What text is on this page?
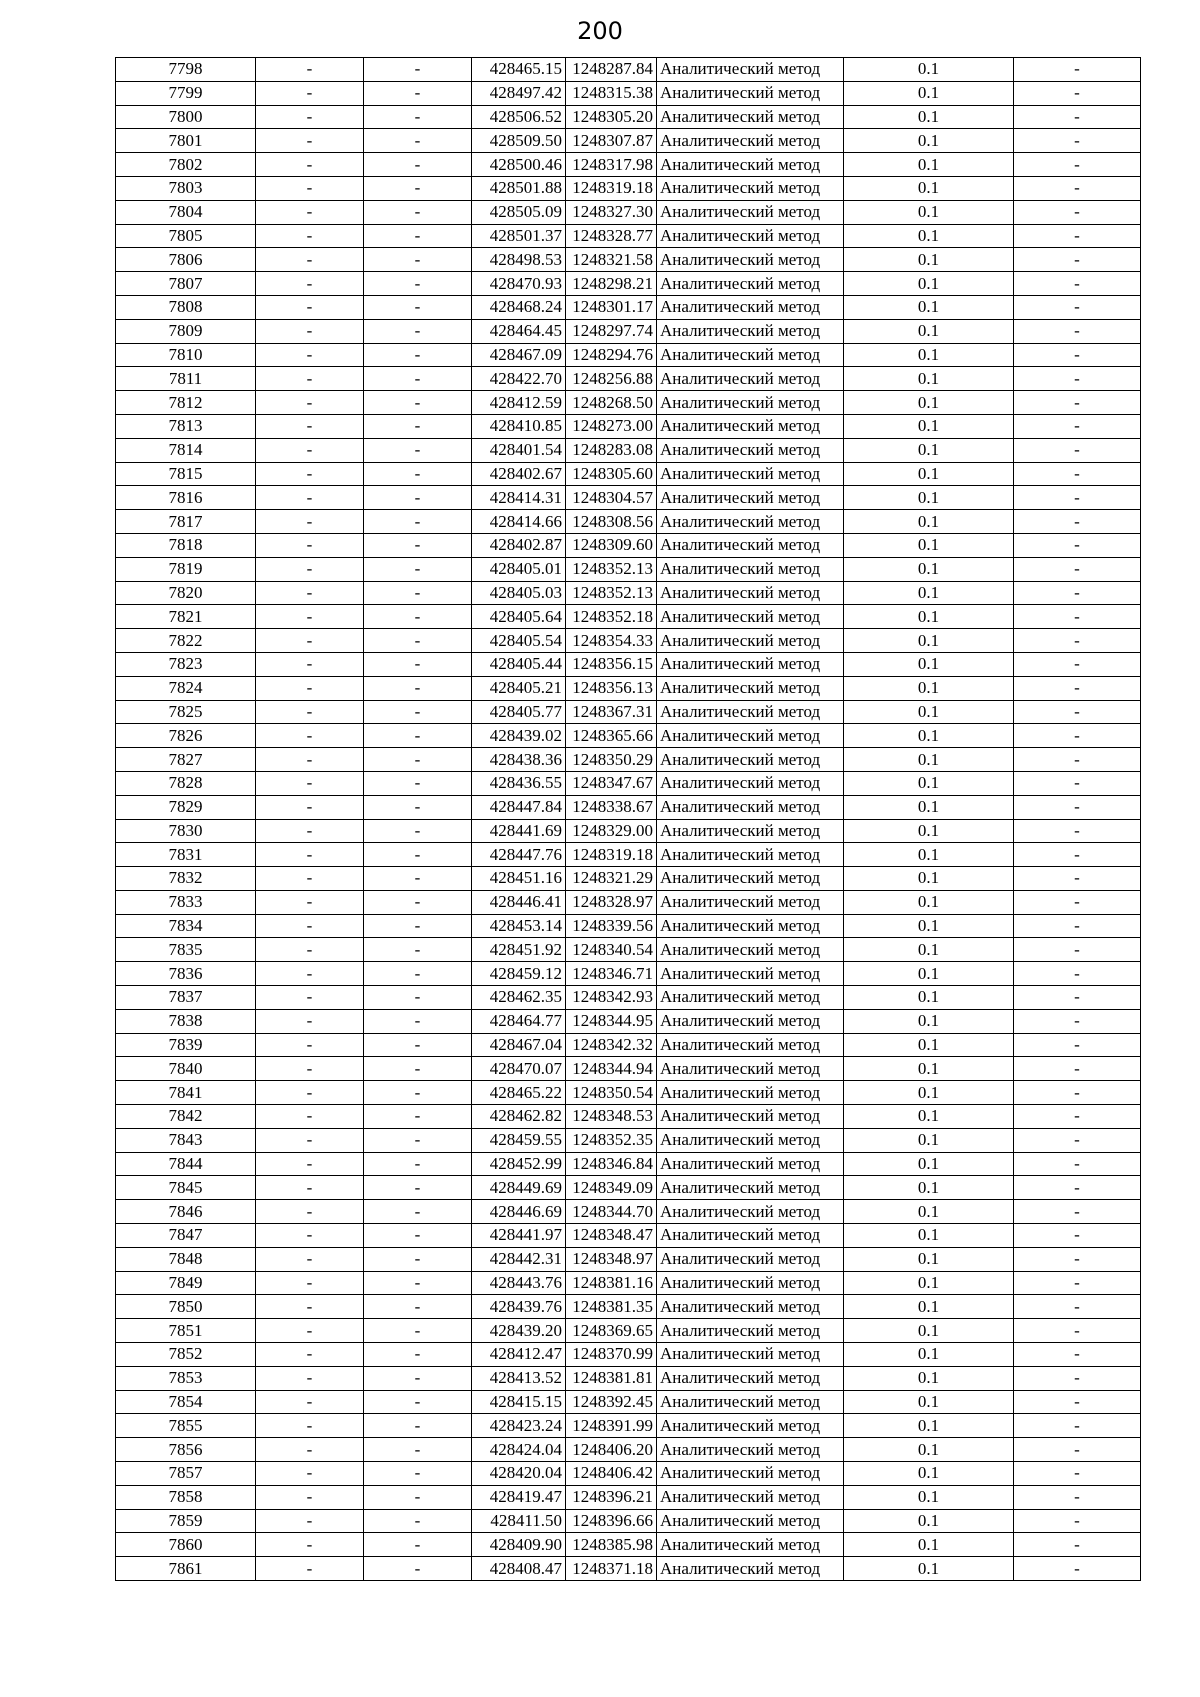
200
7798	-	-	428465.15	1248287.84	Аналитический метод	0.1	-
7799	-	-	428497.42	1248315.38	Аналитический метод	0.1	-
7800	-	-	428506.52	1248305.20	Аналитический метод	0.1	-
7801	-	-	428509.50	1248307.87	Аналитический метод	0.1	-
7802	-	-	428500.46	1248317.98	Аналитический метод	0.1	-
7803	-	-	428501.88	1248319.18	Аналитический метод	0.1	-
7804	-	-	428505.09	1248327.30	Аналитический метод	0.1	-
7805	-	-	428501.37	1248328.77	Аналитический метод	0.1	-
7806	-	-	428498.53	1248321.58	Аналитический метод	0.1	-
7807	-	-	428470.93	1248298.21	Аналитический метод	0.1	-
7808	-	-	428468.24	1248301.17	Аналитический метод	0.1	-
7809	-	-	428464.45	1248297.74	Аналитический метод	0.1	-
7810	-	-	428467.09	1248294.76	Аналитический метод	0.1	-
7811	-	-	428422.70	1248256.88	Аналитический метод	0.1	-
7812	-	-	428412.59	1248268.50	Аналитический метод	0.1	-
7813	-	-	428410.85	1248273.00	Аналитический метод	0.1	-
7814	-	-	428401.54	1248283.08	Аналитический метод	0.1	-
7815	-	-	428402.67	1248305.60	Аналитический метод	0.1	-
7816	-	-	428414.31	1248304.57	Аналитический метод	0.1	-
7817	-	-	428414.66	1248308.56	Аналитический метод	0.1	-
7818	-	-	428402.87	1248309.60	Аналитический метод	0.1	-
7819	-	-	428405.01	1248352.13	Аналитический метод	0.1	-
7820	-	-	428405.03	1248352.13	Аналитический метод	0.1	-
7821	-	-	428405.64	1248352.18	Аналитический метод	0.1	-
7822	-	-	428405.54	1248354.33	Аналитический метод	0.1	-
7823	-	-	428405.44	1248356.15	Аналитический метод	0.1	-
7824	-	-	428405.21	1248356.13	Аналитический метод	0.1	-
7825	-	-	428405.77	1248367.31	Аналитический метод	0.1	-
7826	-	-	428439.02	1248365.66	Аналитический метод	0.1	-
7827	-	-	428438.36	1248350.29	Аналитический метод	0.1	-
7828	-	-	428436.55	1248347.67	Аналитический метод	0.1	-
7829	-	-	428447.84	1248338.67	Аналитический метод	0.1	-
7830	-	-	428441.69	1248329.00	Аналитический метод	0.1	-
7831	-	-	428447.76	1248319.18	Аналитический метод	0.1	-
7832	-	-	428451.16	1248321.29	Аналитический метод	0.1	-
7833	-	-	428446.41	1248328.97	Аналитический метод	0.1	-
7834	-	-	428453.14	1248339.56	Аналитический метод	0.1	-
7835	-	-	428451.92	1248340.54	Аналитический метод	0.1	-
7836	-	-	428459.12	1248346.71	Аналитический метод	0.1	-
7837	-	-	428462.35	1248342.93	Аналитический метод	0.1	-
7838	-	-	428464.77	1248344.95	Аналитический метод	0.1	-
7839	-	-	428467.04	1248342.32	Аналитический метод	0.1	-
7840	-	-	428470.07	1248344.94	Аналитический метод	0.1	-
7841	-	-	428465.22	1248350.54	Аналитический метод	0.1	-
7842	-	-	428462.82	1248348.53	Аналитический метод	0.1	-
7843	-	-	428459.55	1248352.35	Аналитический метод	0.1	-
7844	-	-	428452.99	1248346.84	Аналитический метод	0.1	-
7845	-	-	428449.69	1248349.09	Аналитический метод	0.1	-
7846	-	-	428446.69	1248344.70	Аналитический метод	0.1	-
7847	-	-	428441.97	1248348.47	Аналитический метод	0.1	-
7848	-	-	428442.31	1248348.97	Аналитический метод	0.1	-
7849	-	-	428443.76	1248381.16	Аналитический метод	0.1	-
7850	-	-	428439.76	1248381.35	Аналитический метод	0.1	-
7851	-	-	428439.20	1248369.65	Аналитический метод	0.1	-
7852	-	-	428412.47	1248370.99	Аналитический метод	0.1	-
7853	-	-	428413.52	1248381.81	Аналитический метод	0.1	-
7854	-	-	428415.15	1248392.45	Аналитический метод	0.1	-
7855	-	-	428423.24	1248391.99	Аналитический метод	0.1	-
7856	-	-	428424.04	1248406.20	Аналитический метод	0.1	-
7857	-	-	428420.04	1248406.42	Аналитический метод	0.1	-
7858	-	-	428419.47	1248396.21	Аналитический метод	0.1	-
7859	-	-	428411.50	1248396.66	Аналитический метод	0.1	-
7860	-	-	428409.90	1248385.98	Аналитический метод	0.1	-
7861	-	-	428408.47	1248371.18	Аналитический метод	0.1	-
